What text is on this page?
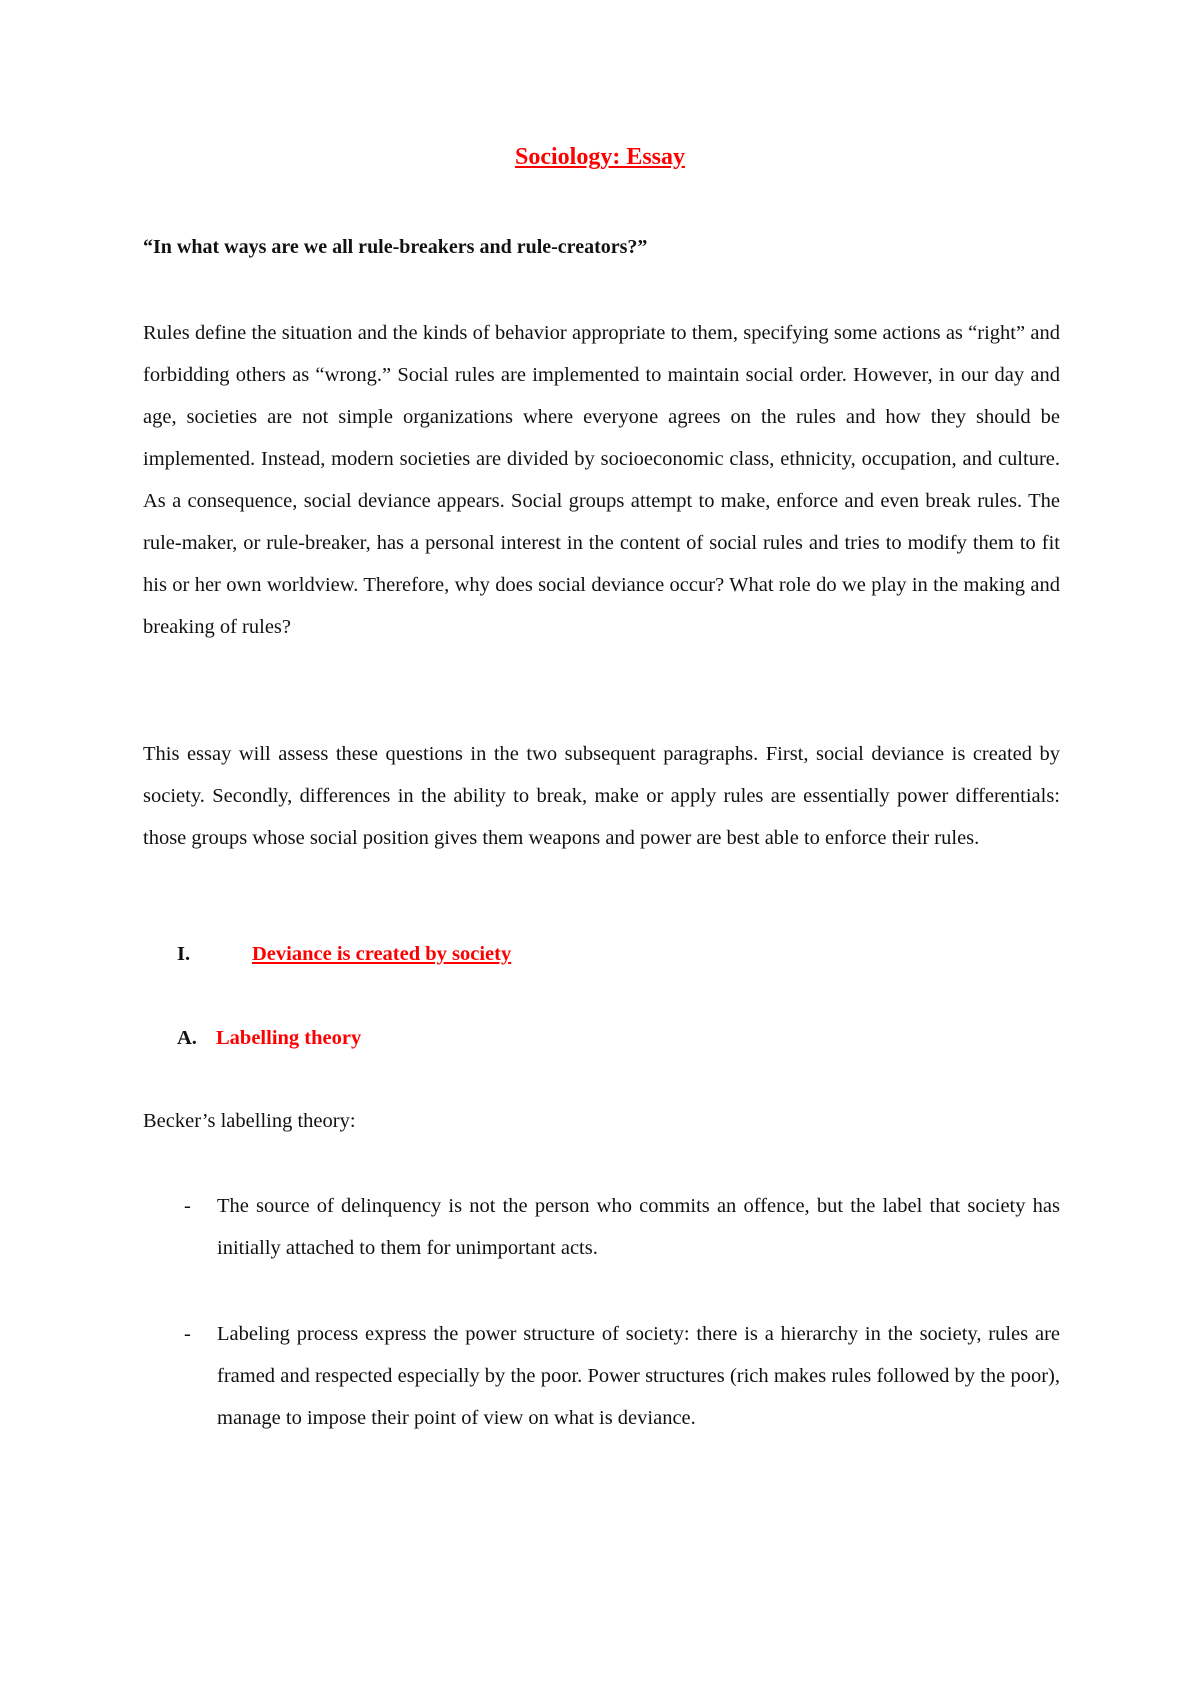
Sociology: Essay
“In what ways are we all rule-breakers and rule-creators?”

Rules define the situation and the kinds of behavior appropriate to them, specifying some actions as “right” and forbidding others as “wrong.” Social rules are implemented to maintain social order. However, in our day and age, societies are not simple organizations where everyone agrees on the rules and how they should be implemented. Instead, modern societies are divided by socioeconomic class, ethnicity, occupation, and culture. As a consequence, social deviance appears. Social groups attempt to make, enforce and even break rules. The rule-maker, or rule-breaker, has a personal interest in the content of social rules and tries to modify them to fit his or her own worldview. Therefore, why does social deviance occur? What role do we play in the making and breaking of rules?

This essay will assess these questions in the two subsequent paragraphs. First, social deviance is created by society. Secondly, differences in the ability to break, make or apply rules are essentially power differentials: those groups whose social position gives them weapons and power are best able to enforce their rules.

I.	Deviance is created by society
A. Labelling theory
Becker’s labelling theory:
- The source of delinquency is not the person who commits an offence, but the label that society has initially attached to them for unimportant acts.
- Labeling process express the power structure of society: there is a hierarchy in the society, rules are framed and respected especially by the poor. Power structures (rich makes rules followed by the poor), manage to impose their point of view on what is deviance.
